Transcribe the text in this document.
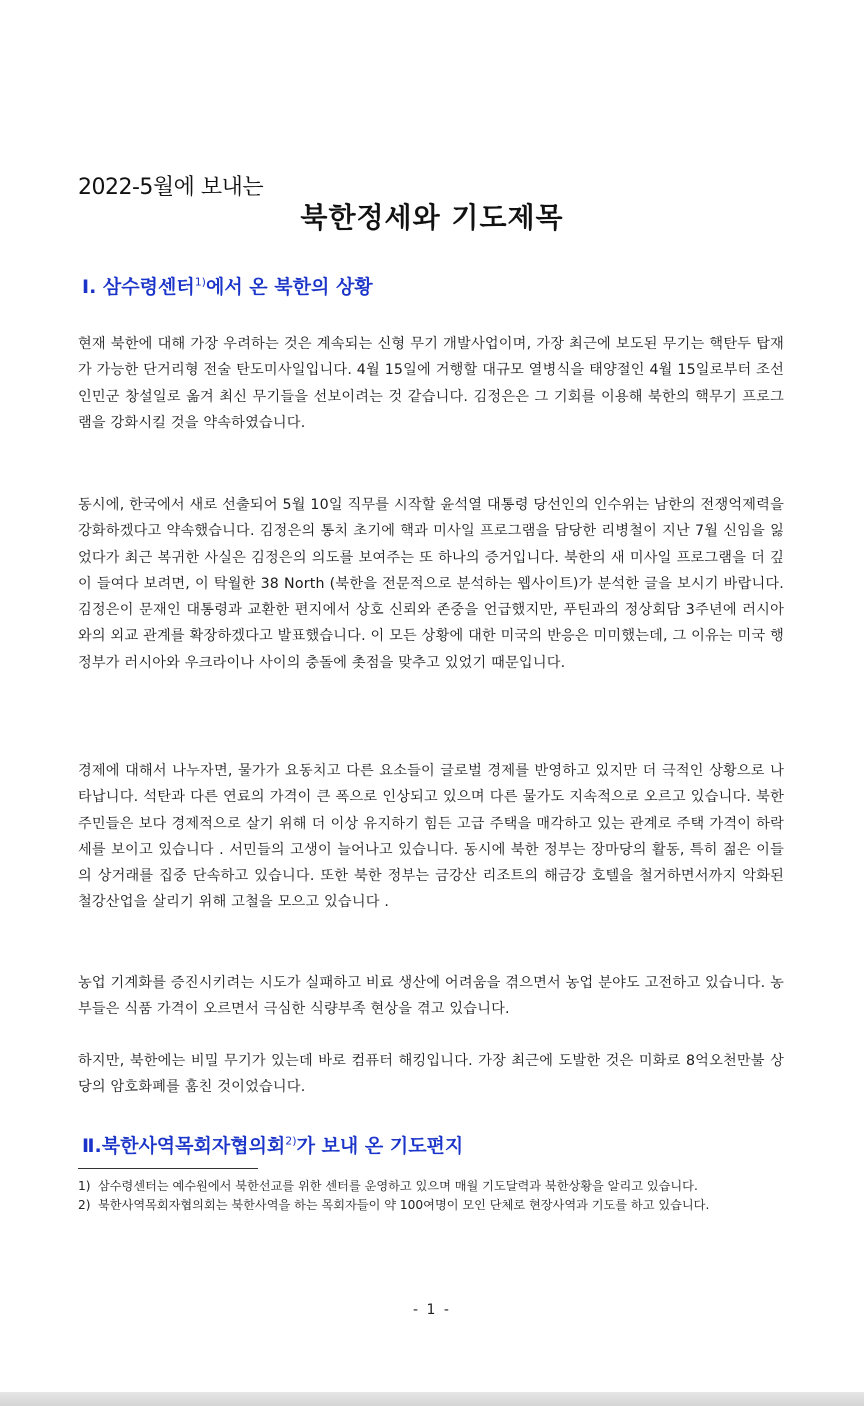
2022-5월에 보내는
북한정세와 기도제목
Ⅰ. 삼수령센터$^{1)}$에서 온 북한의 상황

현재 북한에 대해 가장 우려하는 것은 계속되는 신형 무기 개발사업이며, 가장 최근에 보도된 무기는 핵탄두 탑재가 가능한 단거리형 전술 탄도미사일입니다. 4월 15일에 거행할 대규모 열병식을 태양절인 4월 15일로부터 조선인민군 창설일로 옮겨 최신 무기들을 선보이려는 것 같습니다. 김정은은 그 기회를 이용해 북한의 핵무기 프로그램을 강화시킬 것을 약속하였습니다.

동시에, 한국에서 새로 선출되어 5월 10일 직무를 시작할 윤석열 대통령 당선인의 인수위는 남한의 전쟁억제력을 강화하겠다고 약속했습니다. 김정은의 통치 초기에 핵과 미사일 프로그램을 담당한 리병철이 지난 7월 신임을 잃었다가 최근 복귀한 사실은 김정은의 의도를 보여주는 또 하나의 증거입니다. 북한의 새 미사일 프로그램을 더 깊이 들여다 보려면, 이 탁월한 38 North (북한을 전문적으로 분석하는 웹사이트)가 분석한 글을 보시기 바랍니다. 김정은이 문재인 대통령과 교환한 편지에서 상호 신뢰와 존중을 언급했지만, 푸틴과의 정상회담 3주년에 러시아와의 외교 관계를 확장하겠다고 발표했습니다. 이 모든 상황에 대한 미국의 반응은 미미했는데, 그 이유는 미국 행정부가 러시아와 우크라이나 사이의 충돌에 촛점을 맞추고 있었기 때문입니다.

경제에 대해서 나누자면, 물가가 요동치고 다른 요소들이 글로벌 경제를 반영하고 있지만 더 극적인 상황으로 나타납니다. 석탄과 다른 연료의 가격이 큰 폭으로 인상되고 있으며 다른 물가도 지속적으로 오르고 있습니다. 북한 주민들은 보다 경제적으로 살기 위해 더 이상 유지하기 힘든 고급 주택을 매각하고 있는 관계로 주택 가격이 하락세를 보이고 있습니다 . 서민들의 고생이 늘어나고 있습니다. 동시에 북한 정부는 장마당의 활동, 특히 젊은 이들의 상거래를 집중 단속하고 있습니다. 또한 북한 정부는 금강산 리조트의 해금강 호텔을 철거하면서까지 악화된 철강산업을 살리기 위해 고철을 모으고 있습니다 .

농업 기계화를 증진시키려는 시도가 실패하고 비료 생산에 어려움을 겪으면서 농업 분야도 고전하고 있습니다. 농부들은 식품 가격이 오르면서 극심한 식량부족 현상을 겪고 있습니다.

하지만, 북한에는 비밀 무기가 있는데 바로 컴퓨터 해킹입니다. 가장 최근에 도발한 것은 미화로 8억오천만불 상당의 암호화폐를 훔친 것이었습니다.

Ⅱ.북한사역목회자협의회$^{2)}$가 보내 온 기도편지
1) 삼수령센터는 예수원에서 북한선교를 위한 센터를 운영하고 있으며 매월 기도달력과 북한상황을 알리고 있습니다.
2) 북한사역목회자협의회는 북한사역을 하는 목회자들이 약 100여명이 모인 단체로 현장사역과 기도를 하고 있습니다.
- 1 -
